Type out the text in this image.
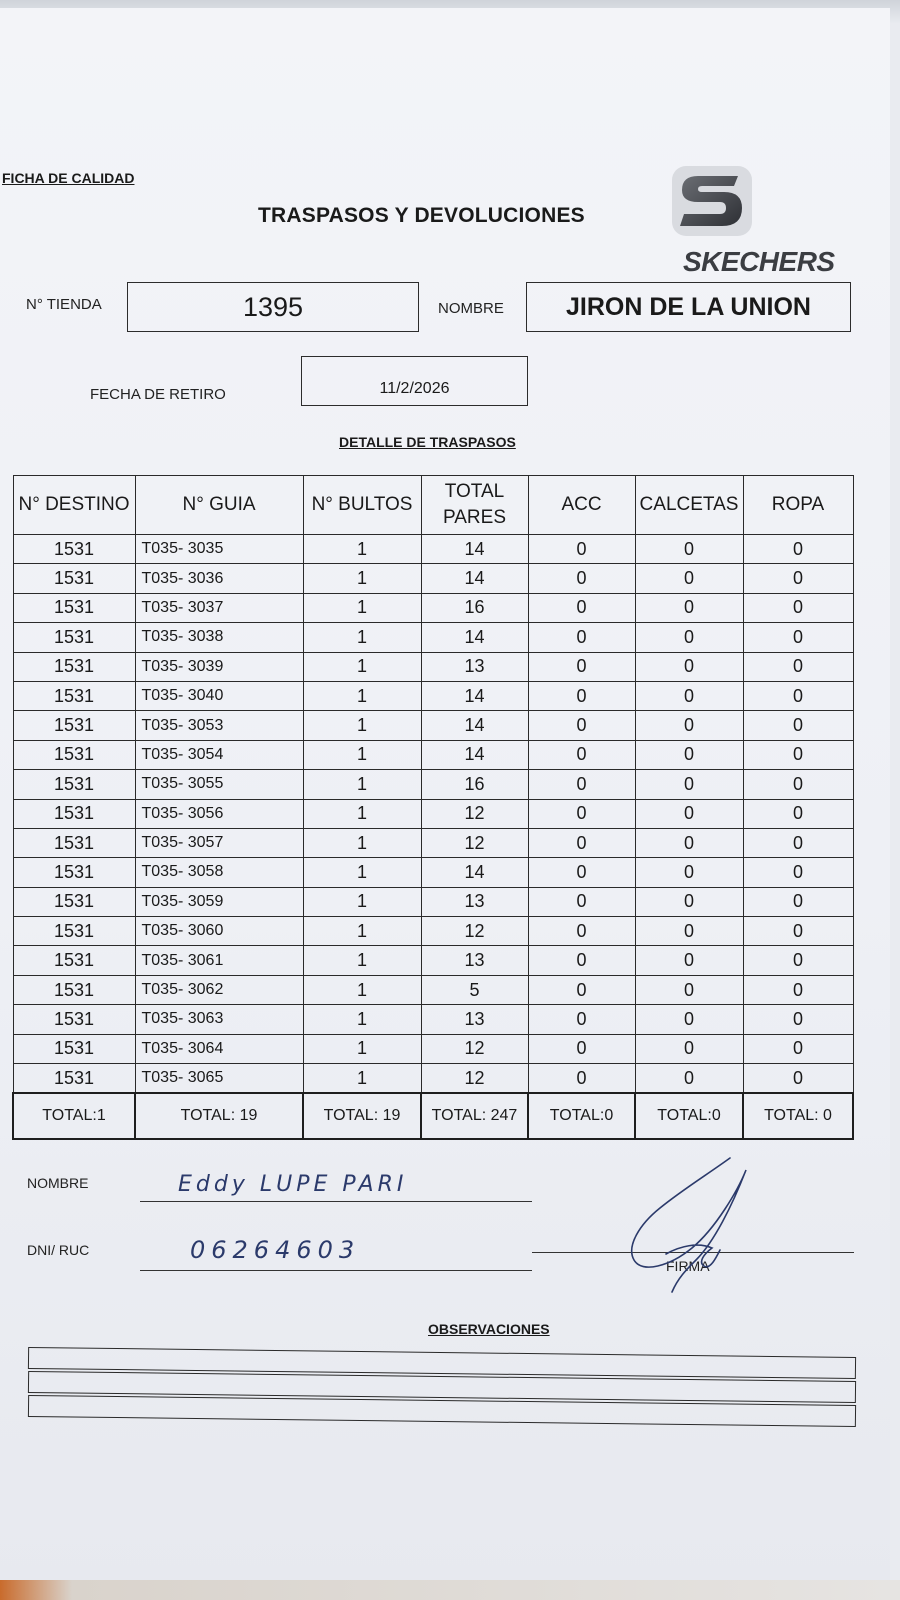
FICHA DE CALIDAD
TRASPASOS Y DEVOLUCIONES
SKECHERS
N° TIENDA	1395	NOMBRE	JIRON DE LA UNION
FECHA DE RETIRO	11/2/2026
DETALLE DE TRASPASOS
N° DESTINO	N° GUIA	N° BULTOS	TOTAL PARES	ACC	CALCETAS	ROPA
1531	T035- 3035	1	14	0	0	0
1531	T035- 3036	1	14	0	0	0
1531	T035- 3037	1	16	0	0	0
1531	T035- 3038	1	14	0	0	0
1531	T035- 3039	1	13	0	0	0
1531	T035- 3040	1	14	0	0	0
1531	T035- 3053	1	14	0	0	0
1531	T035- 3054	1	14	0	0	0
1531	T035- 3055	1	16	0	0	0
1531	T035- 3056	1	12	0	0	0
1531	T035- 3057	1	12	0	0	0
1531	T035- 3058	1	14	0	0	0
1531	T035- 3059	1	13	0	0	0
1531	T035- 3060	1	12	0	0	0
1531	T035- 3061	1	13	0	0	0
1531	T035- 3062	1	5	0	0	0
1531	T035- 3063	1	13	0	0	0
1531	T035- 3064	1	12	0	0	0
1531	T035- 3065	1	12	0	0	0
TOTAL:1	TOTAL: 19	TOTAL: 19	TOTAL: 247	TOTAL:0	TOTAL:0	TOTAL: 0
NOMBRE	Eddy LUPE PARI
DNI/ RUC	06264603
FIRMA
OBSERVACIONES
